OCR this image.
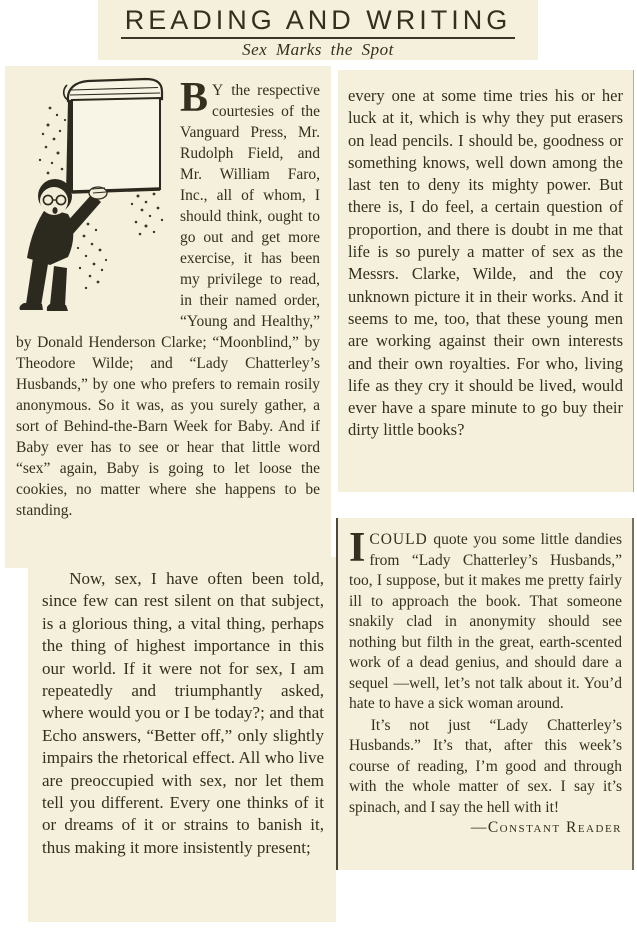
READING AND WRITING
Sex Marks the Spot

B Y the respective courtesies of the Vanguard Press, Mr. Rudolph Field, and Mr. William Faro, Inc., all of whom, I should think, ought to go out and get more exercise, it has been my privilege to read, in their named order, “Young and Healthy,” by Donald Henderson Clarke; “Moonblind,” by Theodore Wilde; and “Lady Chatterley’s Husbands,” by one who prefers to remain rosily anonymous. So it was, as you surely gather, a sort of Behind-the-Barn Week for Baby. And if Baby ever has to see or hear that little word “sex” again, Baby is going to let loose the cookies, no matter where she happens to be standing.

Now, sex, I have often been told, since few can rest silent on that subject, is a glorious thing, a vital thing, perhaps the thing of highest importance in this our world. If it were not for sex, I am repeatedly and triumphantly asked, where would you or I be today?; and that Echo answers, “Better off,” only slightly impairs the rhetorical effect. All who live are preoccupied with sex, nor let them tell you different. Every one thinks of it or dreams of it or strains to banish it, thus making it more insistently present;

every one at some time tries his or her luck at it, which is why they put erasers on lead pencils. I should be, goodness or something knows, well down among the last ten to deny its mighty power. But there is, I do feel, a certain question of proportion, and there is doubt in me that life is so purely a matter of sex as the Messrs. Clarke, Wilde, and the coy unknown picture it in their works. And it seems to me, too, that these young men are working against their own interests and their own royalties. For who, living life as they cry it should be lived, would ever have a spare minute to go buy their dirty little books?

ICOULD quote you some little dandies from “Lady Chatterley’s Husbands,” too, I suppose, but it makes me pretty fairly ill to approach the book. That someone snakily clad in anonymity should see nothing but filth in the great, earth-scented work of a dead genius, and should dare a sequel —well, let’s not talk about it. You’d hate to have a sick woman around.

It’s not just “Lady Chatterley’s Husbands.” It’s that, after this week’s course of reading, I’m good and through with the whole matter of sex. I say it’s spinach, and I say the hell with it!
—Constant Reader
